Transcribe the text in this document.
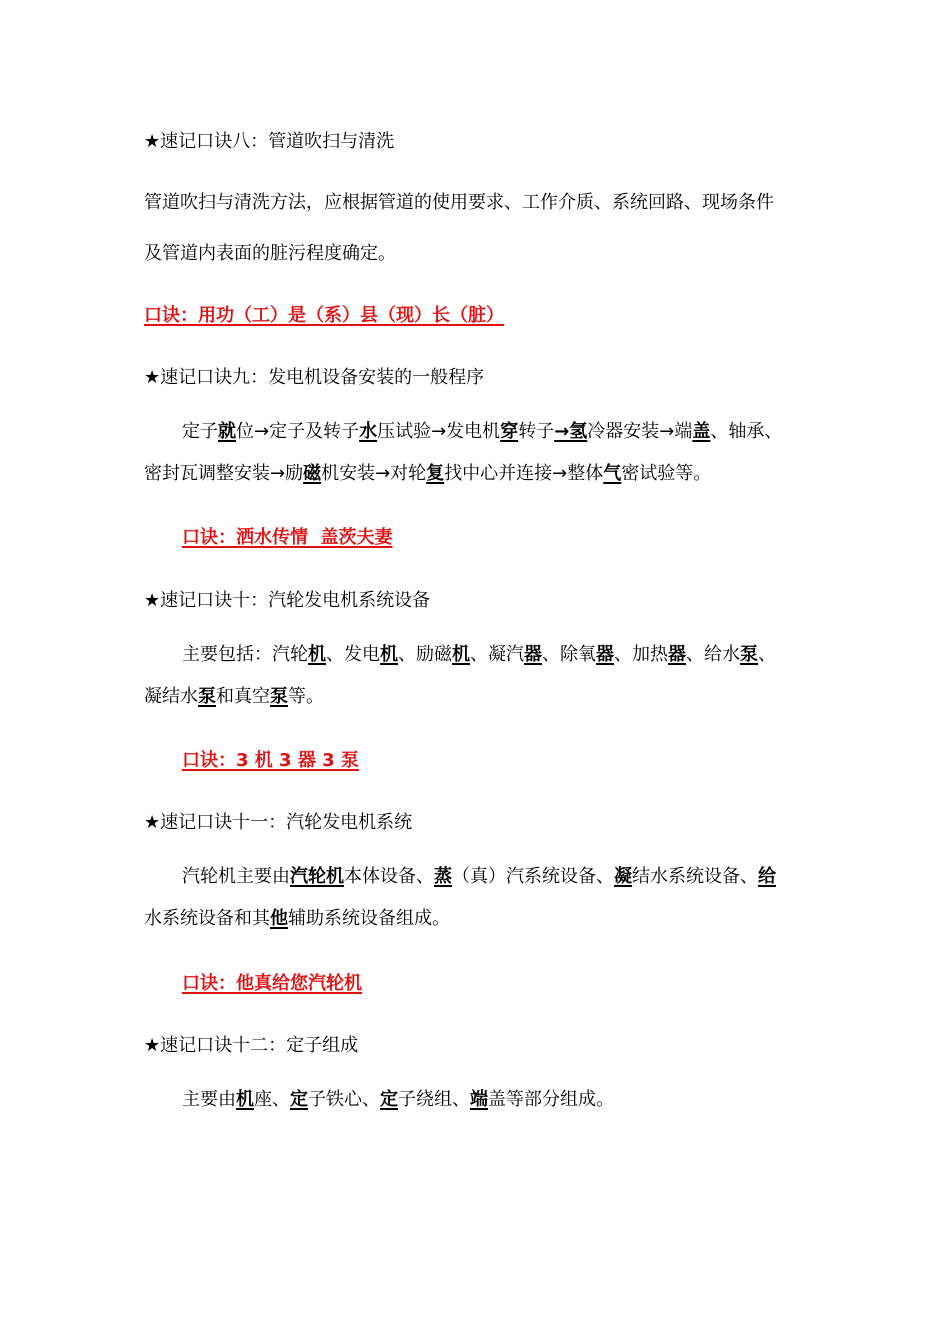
★速记口诀八：管道吹扫与清洗
管道吹扫与清洗方法，应根据管道的使用要求、工作介质、系统回路、现场条件
及管道内表面的脏污程度确定。
口诀：用功（工）是（系）县（现）长（脏）
★速记口诀九：发电机设备安装的一般程序
定子就位→定子及转子水压试验→发电机穿转子→氢冷器安装→端盖、轴承、
密封瓦调整安装→励磁机安装→对轮复找中心并连接→整体气密试验等。
口诀：洒水传情  盖茨夫妻
★速记口诀十：汽轮发电机系统设备
主要包括：汽轮机、发电机、励磁机、凝汽器、除氧器、加热器、给水泵、
凝结水泵和真空泵等。
口诀：3 机 3 器 3 泵
★速记口诀十一：汽轮发电机系统
汽轮机主要由汽轮机本体设备、蒸（真）汽系统设备、凝结水系统设备、给
水系统设备和其他辅助系统设备组成。
口诀：他真给您汽轮机
★速记口诀十二：定子组成
主要由机座、定子铁心、定子绕组、端盖等部分组成。
